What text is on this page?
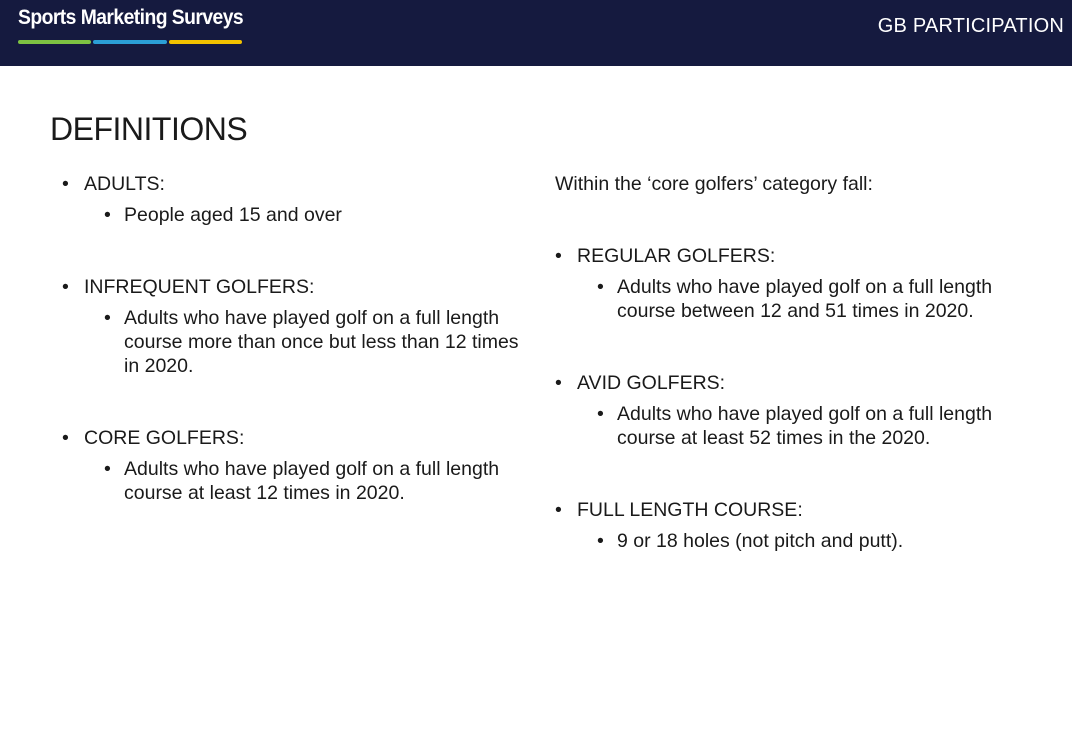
Sports Marketing Surveys	GB PARTICIPATION
DEFINITIONS
• ADULTS:
• People aged 15 and over
• INFREQUENT GOLFERS:
• Adults who have played golf on a full length course more than once but less than 12 times in 2020.
• CORE GOLFERS:
• Adults who have played golf on a full length course at least 12 times in 2020.
Within the ‘core golfers’ category fall:
• REGULAR GOLFERS:
• Adults who have played golf on a full length course between 12 and 51 times in 2020.
• AVID GOLFERS:
• Adults who have played golf on a full length course at least 52 times in the 2020.
• FULL LENGTH COURSE:
• 9 or 18 holes (not pitch and putt).
